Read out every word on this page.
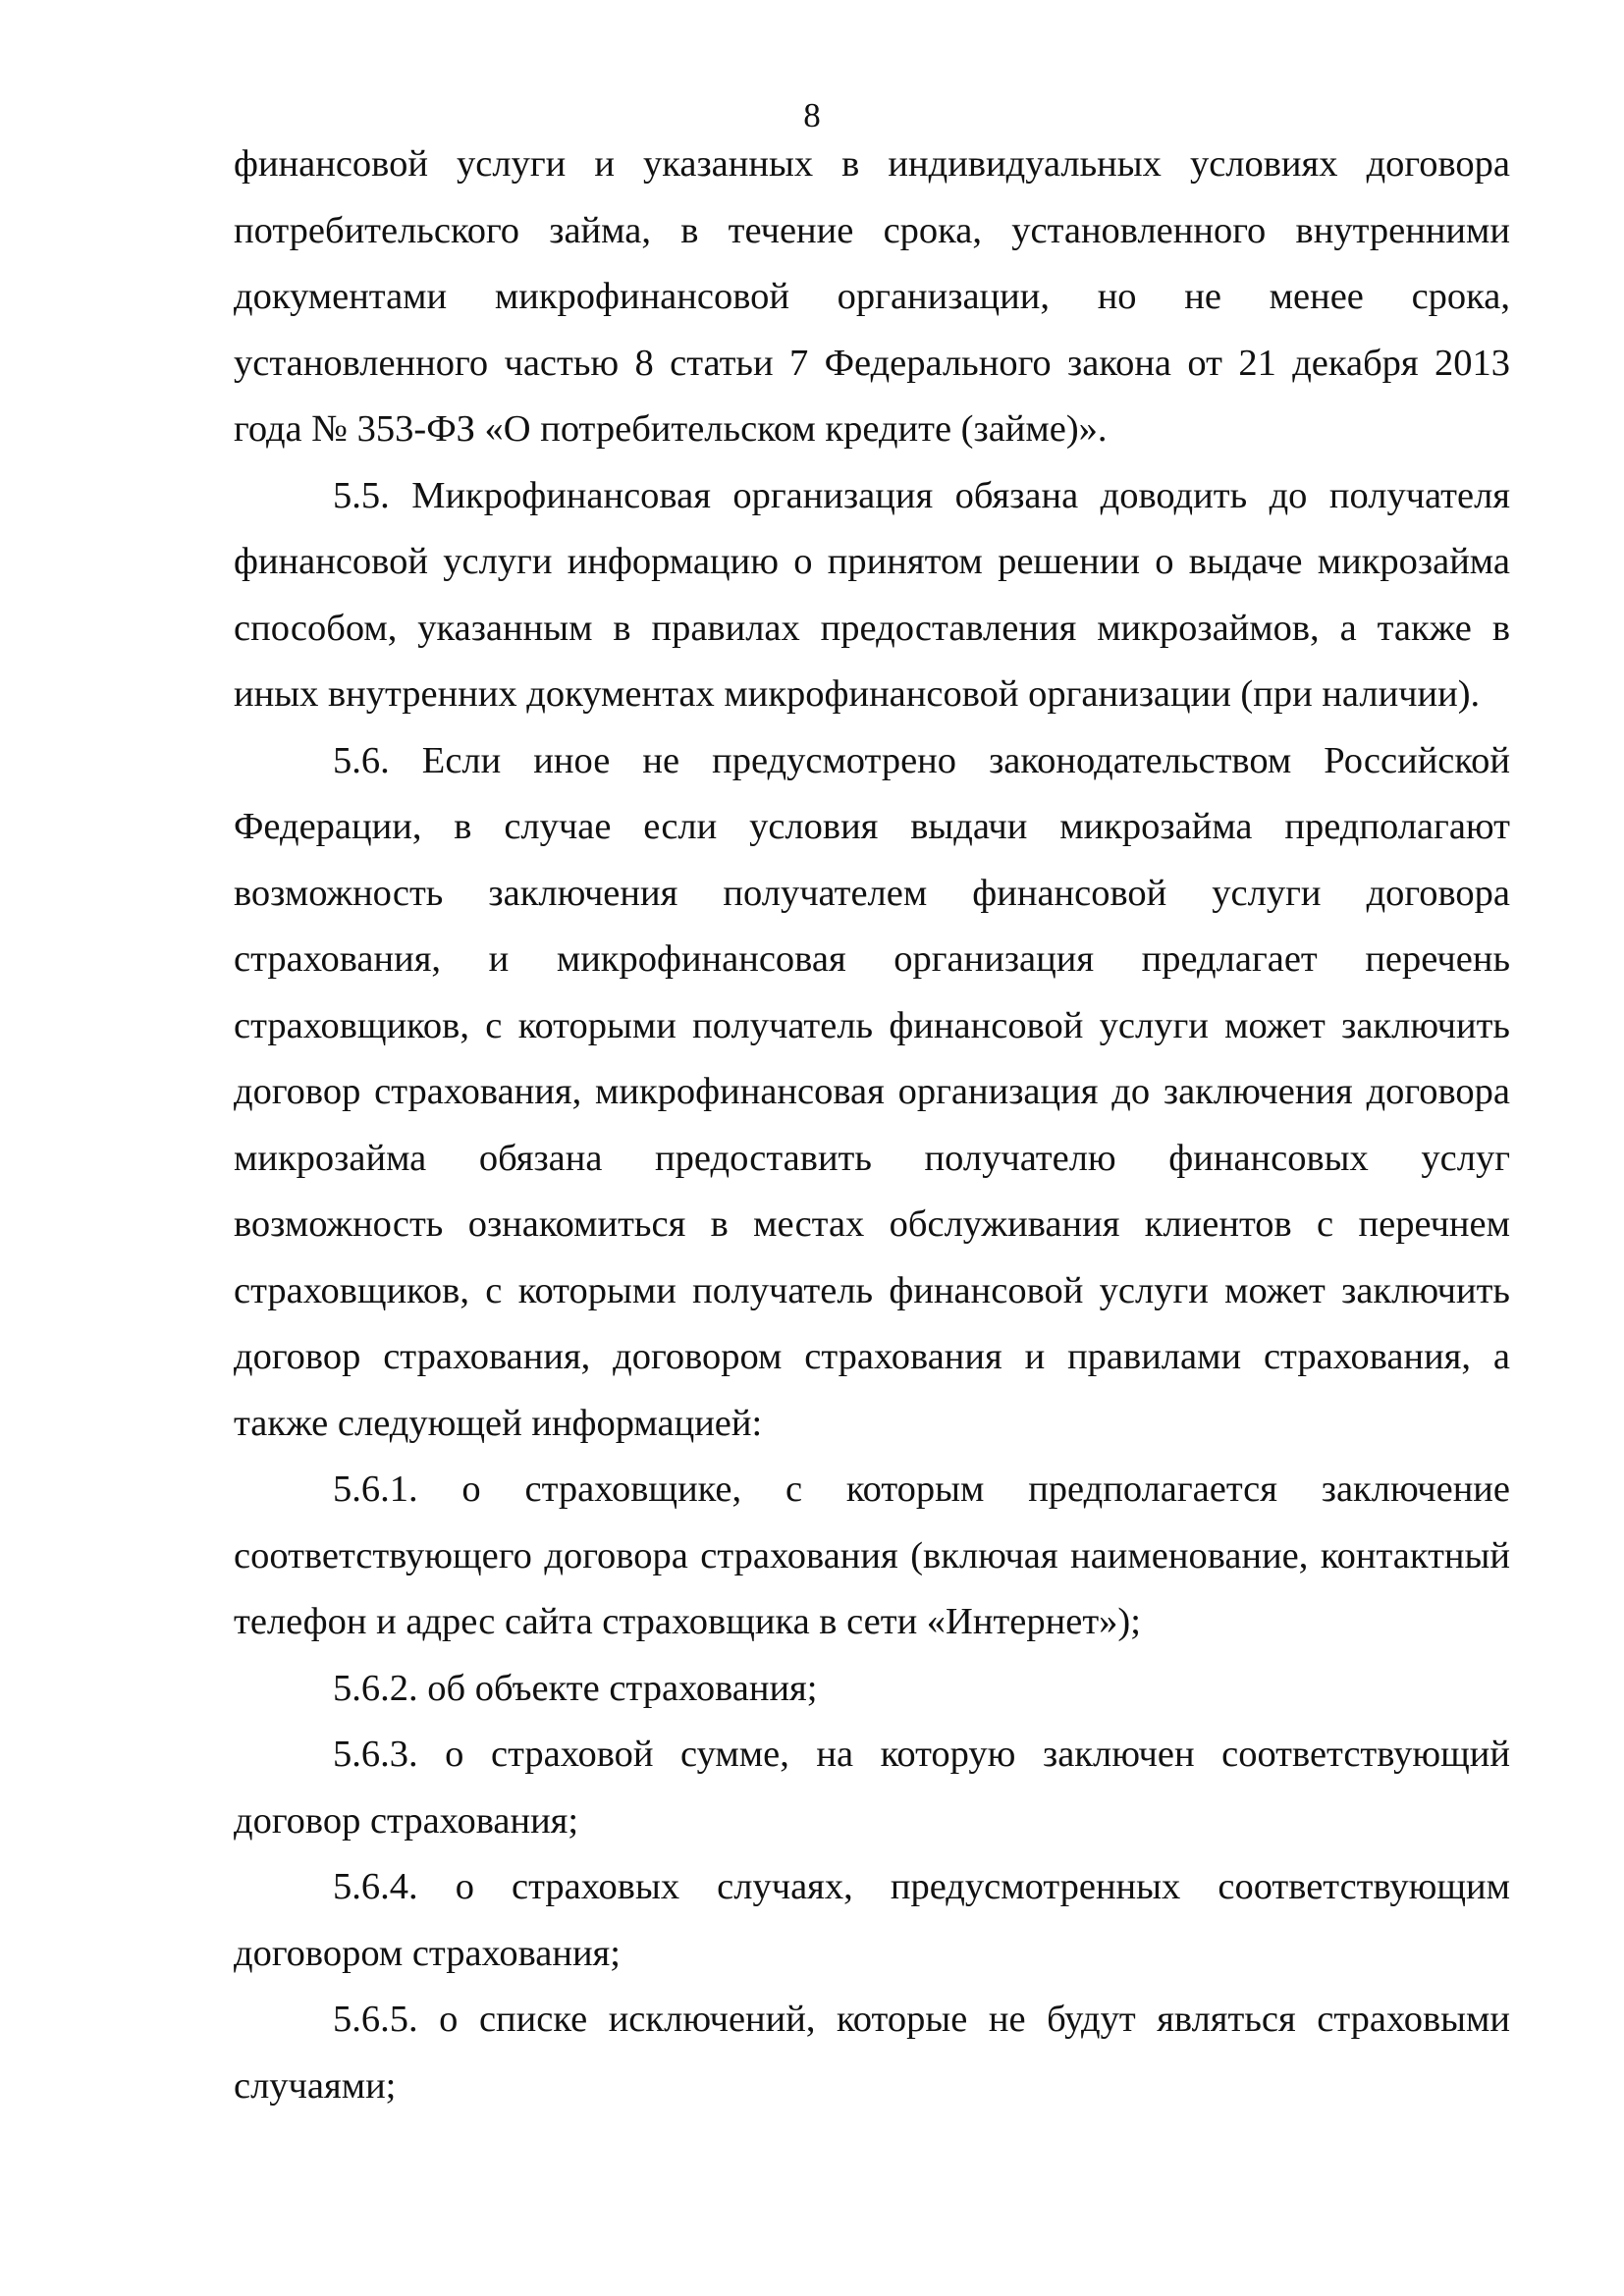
8

финансовой услуги и указанных в индивидуальных условиях договора потребительского займа, в течение срока, установленного внутренними документами микрофинансовой организации, но не менее срока, установленного частью 8 статьи 7 Федерального закона от 21 декабря 2013 года № 353-ФЗ «О потребительском кредите (займе)».

5.5. Микрофинансовая организация обязана доводить до получателя финансовой услуги информацию о принятом решении о выдаче микрозайма способом, указанным в правилах предоставления микрозаймов, а также в иных внутренних документах микрофинансовой организации (при наличии).

5.6. Если иное не предусмотрено законодательством Российской Федерации, в случае если условия выдачи микрозайма предполагают возможность заключения получателем финансовой услуги договора страхования, и микрофинансовая организация предлагает перечень страховщиков, с которыми получатель финансовой услуги может заключить договор страхования, микрофинансовая организация до заключения договора микрозайма обязана предоставить получателю финансовых услуг возможность ознакомиться в местах обслуживания клиентов с перечнем страховщиков, с которыми получатель финансовой услуги может заключить договор страхования, договором страхования и правилами страхования, а также следующей информацией:

5.6.1. о страховщике, с которым предполагается заключение соответствующего договора страхования (включая наименование, контактный телефон и адрес сайта страховщика в сети «Интернет»);

5.6.2. об объекте страхования;

5.6.3. о страховой сумме, на которую заключен соответствующий договор страхования;

5.6.4. о страховых случаях, предусмотренных соответствующим договором страхования;

5.6.5. о списке исключений, которые не будут являться страховыми случаями;
